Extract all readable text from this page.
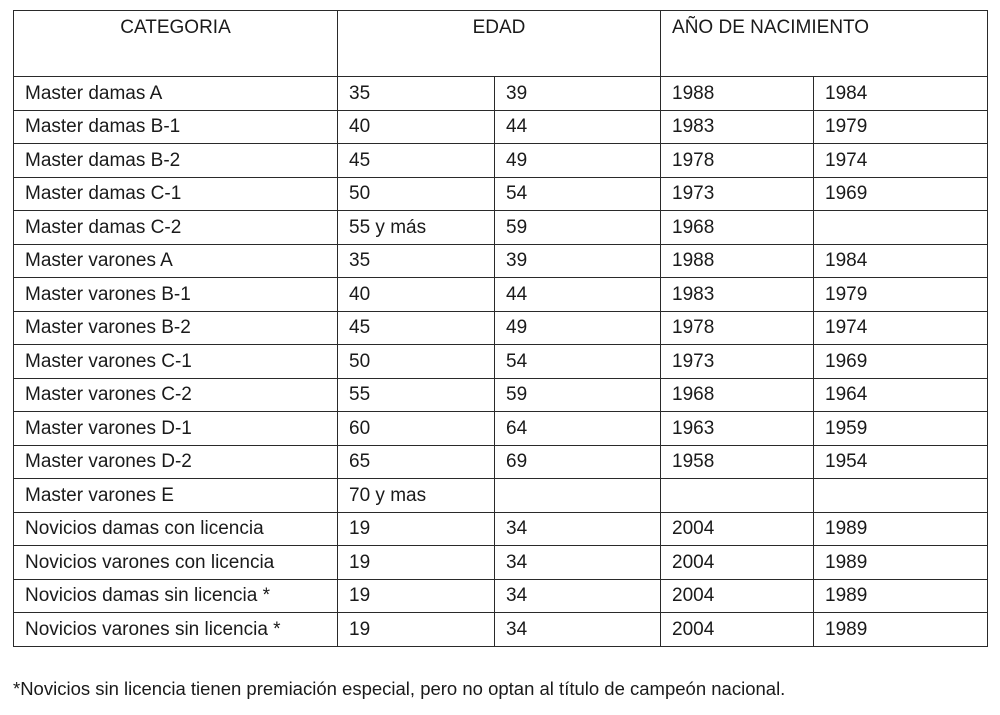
CATEGORIA	EDAD		AÑO DE NACIMIENTO	
Master damas A	35	39	1988	1984
Master damas B-1	40	44	1983	1979
Master damas B-2	45	49	1978	1974
Master damas C-1	50	54	1973	1969
Master damas C-2	55 y más	59	1968	
Master varones A	35	39	1988	1984
Master varones B-1	40	44	1983	1979
Master varones B-2	45	49	1978	1974
Master varones C-1	50	54	1973	1969
Master varones C-2	55	59	1968	1964
Master varones D-1	60	64	1963	1959
Master varones D-2	65	69	1958	1954
Master varones E	70 y mas			
Novicios damas con licencia	19	34	2004	1989
Novicios varones con licencia	19	34	2004	1989
Novicios damas sin licencia *	19	34	2004	1989
Novicios varones sin licencia *	19	34	2004	1989
*Novicios sin licencia tienen premiación especial, pero no optan al título de campeón nacional.
